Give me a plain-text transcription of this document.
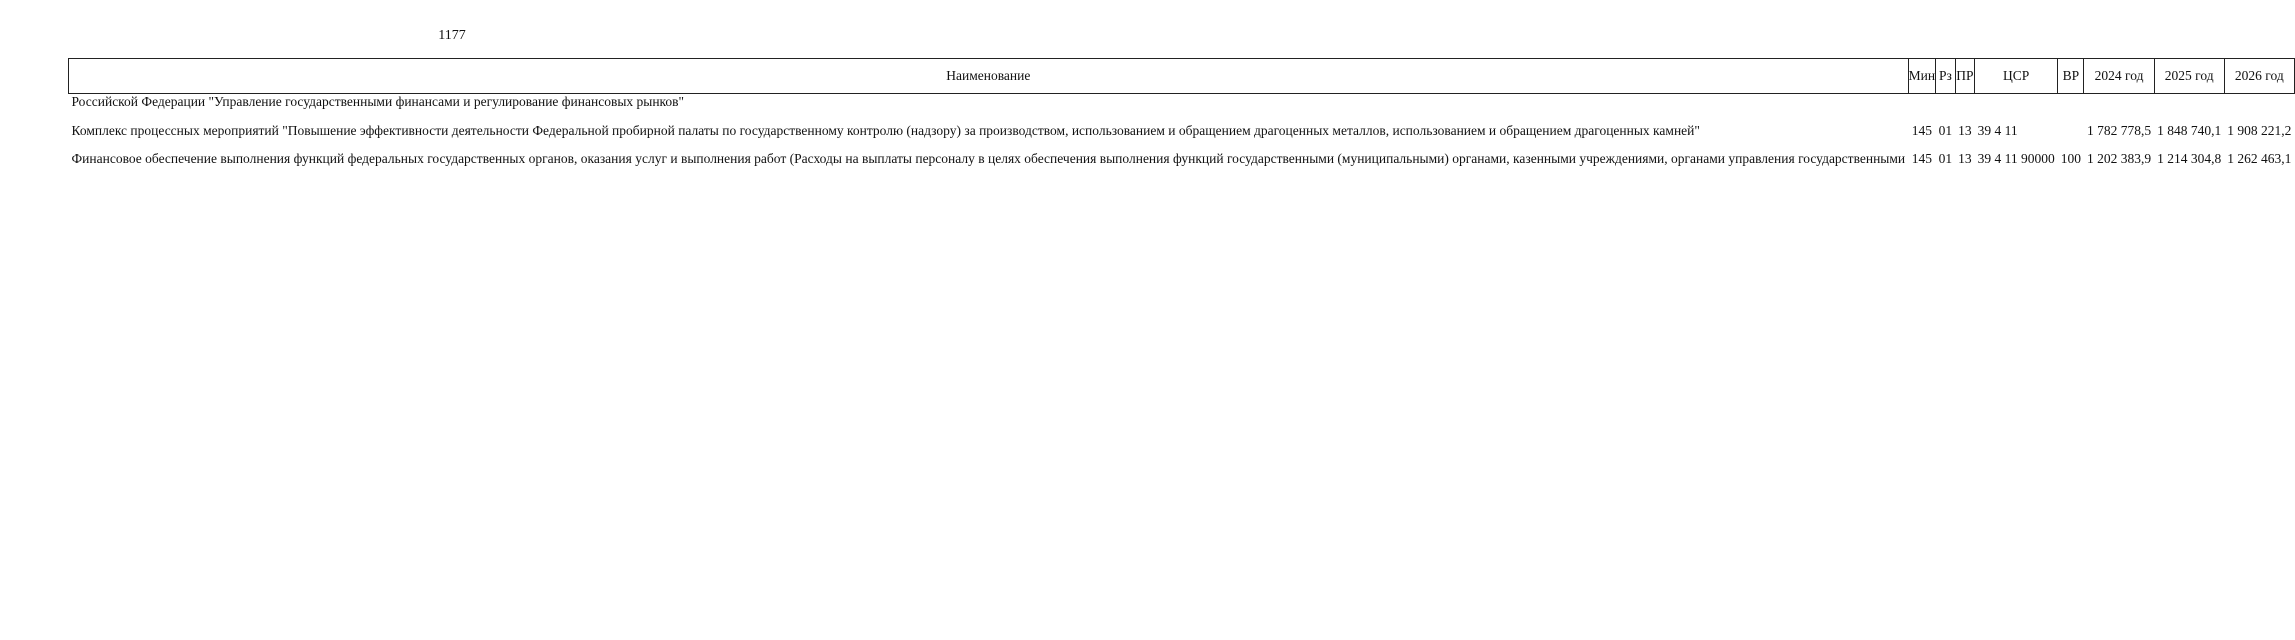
1177
Наименование	Мин	Рз	ПР	ЦСР	ВР	2024 год	2025 год	2026 год
Российской Федерации "Управление государственными финансами и регулирование финансовых рынков"								

Комплекс процессных мероприятий "Повышение эффективности деятельности Федеральной пробирной палаты по государственному контролю (надзору) за производством, использованием и обращением драгоценных металлов, использованием и обращением драгоценных камней"	145	01	13	39 4 11		1 782 778,5	1 848 740,1	1 908 221,2

Финансовое обеспечение выполнения функций федеральных государственных органов, оказания услуг и выполнения работ (Расходы на выплаты персоналу в целях обеспечения выполнения функций государственными (муниципальными) органами, казенными учреждениями, органами управления государственными	145	01	13	39 4 11 90000	100	1 202 383,9	1 214 304,8	1 262 463,1
